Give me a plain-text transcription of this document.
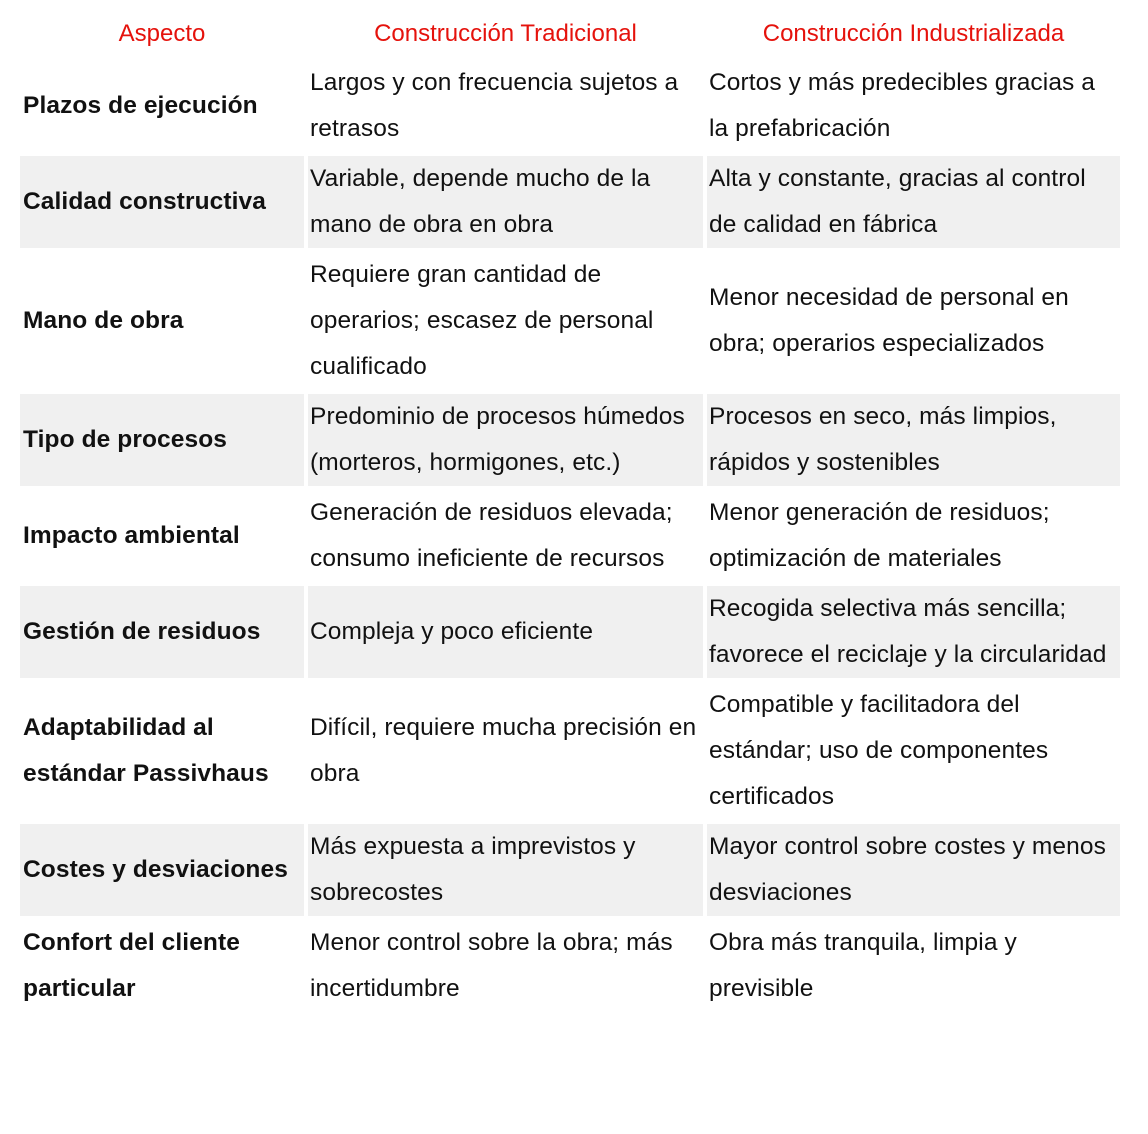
Aspecto	Construcción Tradicional	Construcción Industrializada
Plazos de ejecución	Largos y con frecuencia sujetos a retrasos	Cortos y más predecibles gracias a la prefabricación
Calidad constructiva	Variable, depende mucho de la mano de obra en obra	Alta y constante, gracias al control de calidad en fábrica
Mano de obra	Requiere gran cantidad de operarios; escasez de personal cualificado	Menor necesidad de personal en obra; operarios especializados
Tipo de procesos	Predominio de procesos húmedos (morteros, hormigones, etc.)	Procesos en seco, más limpios, rápidos y sostenibles
Impacto ambiental	Generación de residuos elevada; consumo ineficiente de recursos	Menor generación de residuos; optimización de materiales
Gestión de residuos	Compleja y poco eficiente	Recogida selectiva más sencilla; favorece el reciclaje y la circularidad
Adaptabilidad al estándar Passivhaus	Difícil, requiere mucha precisión en obra	Compatible y facilitadora del estándar; uso de componentes certificados
Costes y desviaciones	Más expuesta a imprevistos y sobrecostes	Mayor control sobre costes y menos desviaciones
Confort del cliente particular	Menor control sobre la obra; más incertidumbre	Obra más tranquila, limpia y previsible
